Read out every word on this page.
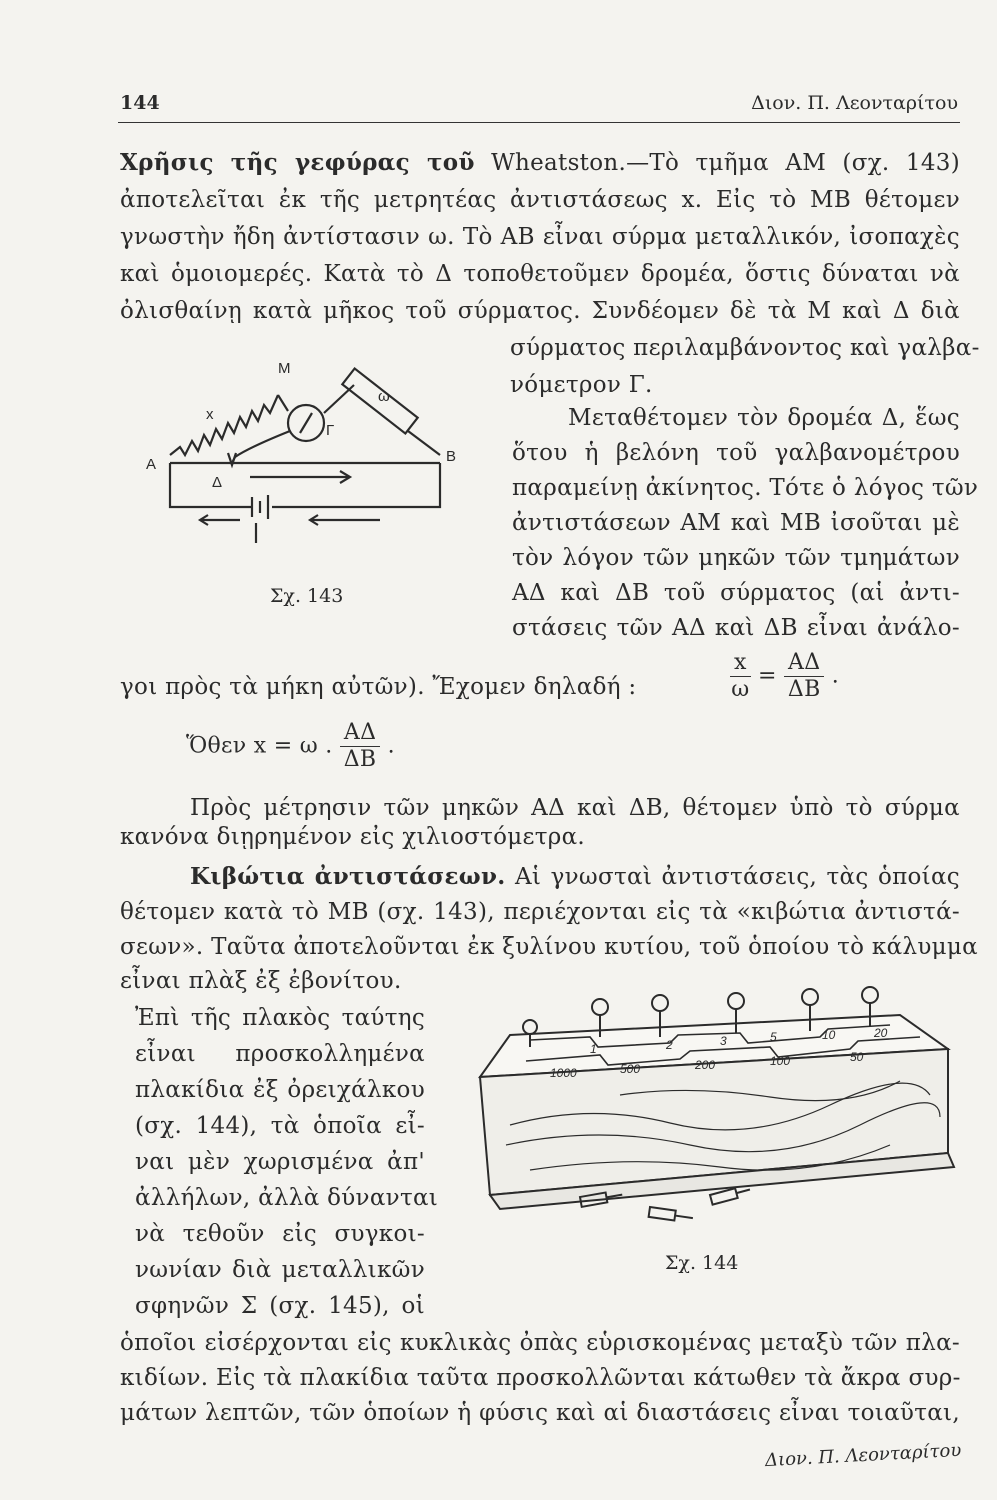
144	Διον. Π. Λεονταρίτου
Χρῆσις τῆς γεφύρας τοῦ Wheatston.—Τὸ τμῆμα ΑΜ (σχ. 143)
ἀποτελεῖται ἐκ τῆς μετρητέας ἀντιστάσεως x. Εἰς τὸ ΜΒ θέτομεν
γνωστὴν ἤδη ἀντίστασιν ω. Τὸ ΑΒ εἶναι σύρμα μεταλλικόν, ἰσοπαχὲς
καὶ ὁμοιομερές. Κατὰ τὸ Δ τοποθετοῦμεν δρομέα, ὅστις δύναται νὰ
ὀλισθαίνῃ κατὰ μῆκος τοῦ σύρματος. Συνδέομεν δὲ τὰ Μ καὶ Δ διὰ
σύρματος περιλαμβάνοντος καὶ γαλβα-
νόμετρον Γ.
Μεταθέτομεν τὸν δρομέα Δ, ἕως
ὅτου ἡ βελόνη τοῦ γαλβανομέτρου
παραμείνῃ ἀκίνητος. Τότε ὁ λόγος τῶν
ἀντιστάσεων ΑΜ καὶ ΜΒ ἰσοῦται μὲ
τὸν λόγον τῶν μηκῶν τῶν τμημάτων
ΑΔ καὶ ΔΒ τοῦ σύρματος (αἱ ἀντι-
στάσεις τῶν ΑΔ καὶ ΔΒ εἶναι ἀνάλο-
A	B
M
Δ
Γ
ω
x
Σχ. 143
γοι πρὸς τὰ μήκη αὐτῶν). Ἔχομεν δηλαδή :	$\frac{x}{\omega} = \frac{A\Delta}{\Delta B}$ .
Ὅθεν x = ω . $\frac{A\Delta}{\Delta B}$ .
Πρὸς μέτρησιν τῶν μηκῶν ΑΔ καὶ ΔΒ, θέτομεν ὑπὸ τὸ σύρμα
κανόνα διῃρημένον εἰς χιλιοστόμετρα.
Κιβώτια ἀντιστάσεων. Αἱ γνωσταὶ ἀντιστάσεις, τὰς ὁποίας
θέτομεν κατὰ τὸ ΜΒ (σχ. 143), περιέχονται εἰς τὰ «κιβώτια ἀντιστά-
σεων». Ταῦτα ἀποτελοῦνται ἐκ ξυλίνου κυτίου, τοῦ ὁποίου τὸ κάλυμμα
εἶναι πλὰξ ἐξ ἐβονίτου.
Ἐπὶ τῆς πλακὸς ταύτης
εἶναι προσκολλημένα
πλακίδια ἐξ ὀρειχάλκου
(σχ. 144), τὰ ὁποῖα εἶ-
ναι μὲν χωρισμένα ἀπ'
ἀλλήλων, ἀλλὰ δύνανται
νὰ τεθοῦν εἰς συγκοι-
νωνίαν διὰ μεταλλικῶν
σφηνῶν Σ (σχ. 145), οἱ
1	2	3	5	10	20
1000	500	200	100	50
Σχ. 144
ὁποῖοι εἰσέρχονται εἰς κυκλικὰς ὀπὰς εὑρισκομένας μεταξὺ τῶν πλα-
κιδίων. Εἰς τὰ πλακίδια ταῦτα προσκολλῶνται κάτωθεν τὰ ἄκρα συρ-
μάτων λεπτῶν, τῶν ὁποίων ἡ φύσις καὶ αἱ διαστάσεις εἶναι τοιαῦται,
Διον. Π. Λεονταρίτου
